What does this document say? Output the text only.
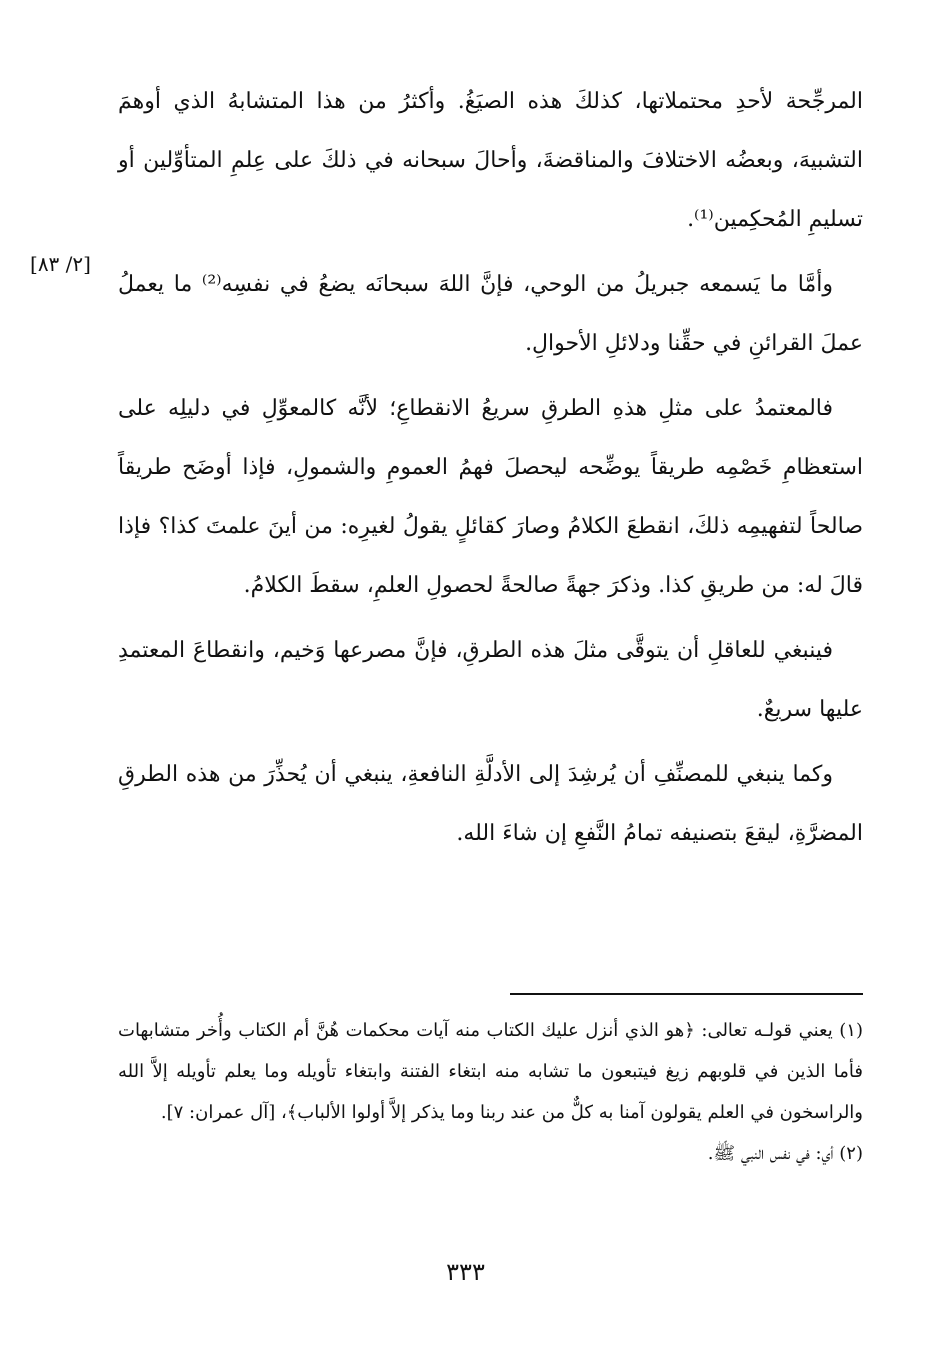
المرجِّحة لأحدِ محتملاتها، كذلكَ هذه الصيَغُ. وأكثرُ من هذا المتشابهُ الذي أوهمَ التشبيهَ، وبعضُه الاختلافَ والمناقضةَ، وأحالَ سبحانه في ذلكَ على عِلمِ المتأوِّلين أو تسليمِ المُحكِمين⁽¹⁾.

وأمَّا ما يَسمعه جبريلُ من الوحي، فإنَّ اللهَ سبحانَه يضعُ في نفسِه⁽²⁾ ما يعملُ عملَ القرائنِ في حقِّنا ودلائلِ الأحوالِ.

فالمعتمدُ على مثلِ هذهِ الطرقِ سريعُ الانقطاعِ؛ لأنَّه كالمعوِّلِ في دليلِه على استعظامِ خَصْمِه طريقاً يوضِّحه ليحصلَ فهمُ العمومِ والشمولِ، فإذا أوضَح طريقاً صالحاً لتفهيمِه ذلكَ، انقطعَ الكلامُ وصارَ كقائلٍ يقولُ لغيرِه: من أينَ علمتَ كذا؟ فإذا قالَ له: من طريقِ كذا. وذكرَ جهةً صالحةً لحصولِ العلمِ، سقطَ الكلامُ.

فينبغي للعاقلِ أن يتوقَّى مثلَ هذه الطرقِ، فإنَّ مصرعها وَخيم، وانقطاعَ المعتمدِ عليها سريعٌ.

وكما ينبغي للمصنِّفِ أن يُرشِدَ إلى الأدلَّةِ النافعةِ، ينبغي أن يُحذِّرَ من هذه الطرقِ المضرَّةِ، ليقعَ بتصنيفه تمامُ النَّفعِ إن شاءَ الله.

[٢/ ٨٣]

(١) يعني قولـه تعالى: ﴿هو الذي أنزل عليك الكتاب منه آيات محكمات هُنَّ أم الكتاب وأُخر متشابهات فأما الذين في قلوبهم زيغ فيتبعون ما تشابه منه ابتغاء الفتنة وابتغاء تأويله وما يعلم تأويله إلاَّ الله والراسخون في العلم يقولون آمنا به كلٌّ من عند ربنا وما يذكر إلاَّ أولوا الألباب﴾، [آل عمران: ٧].

(٢) أي: في نفس النبي ﷺ.

٣٣٣
